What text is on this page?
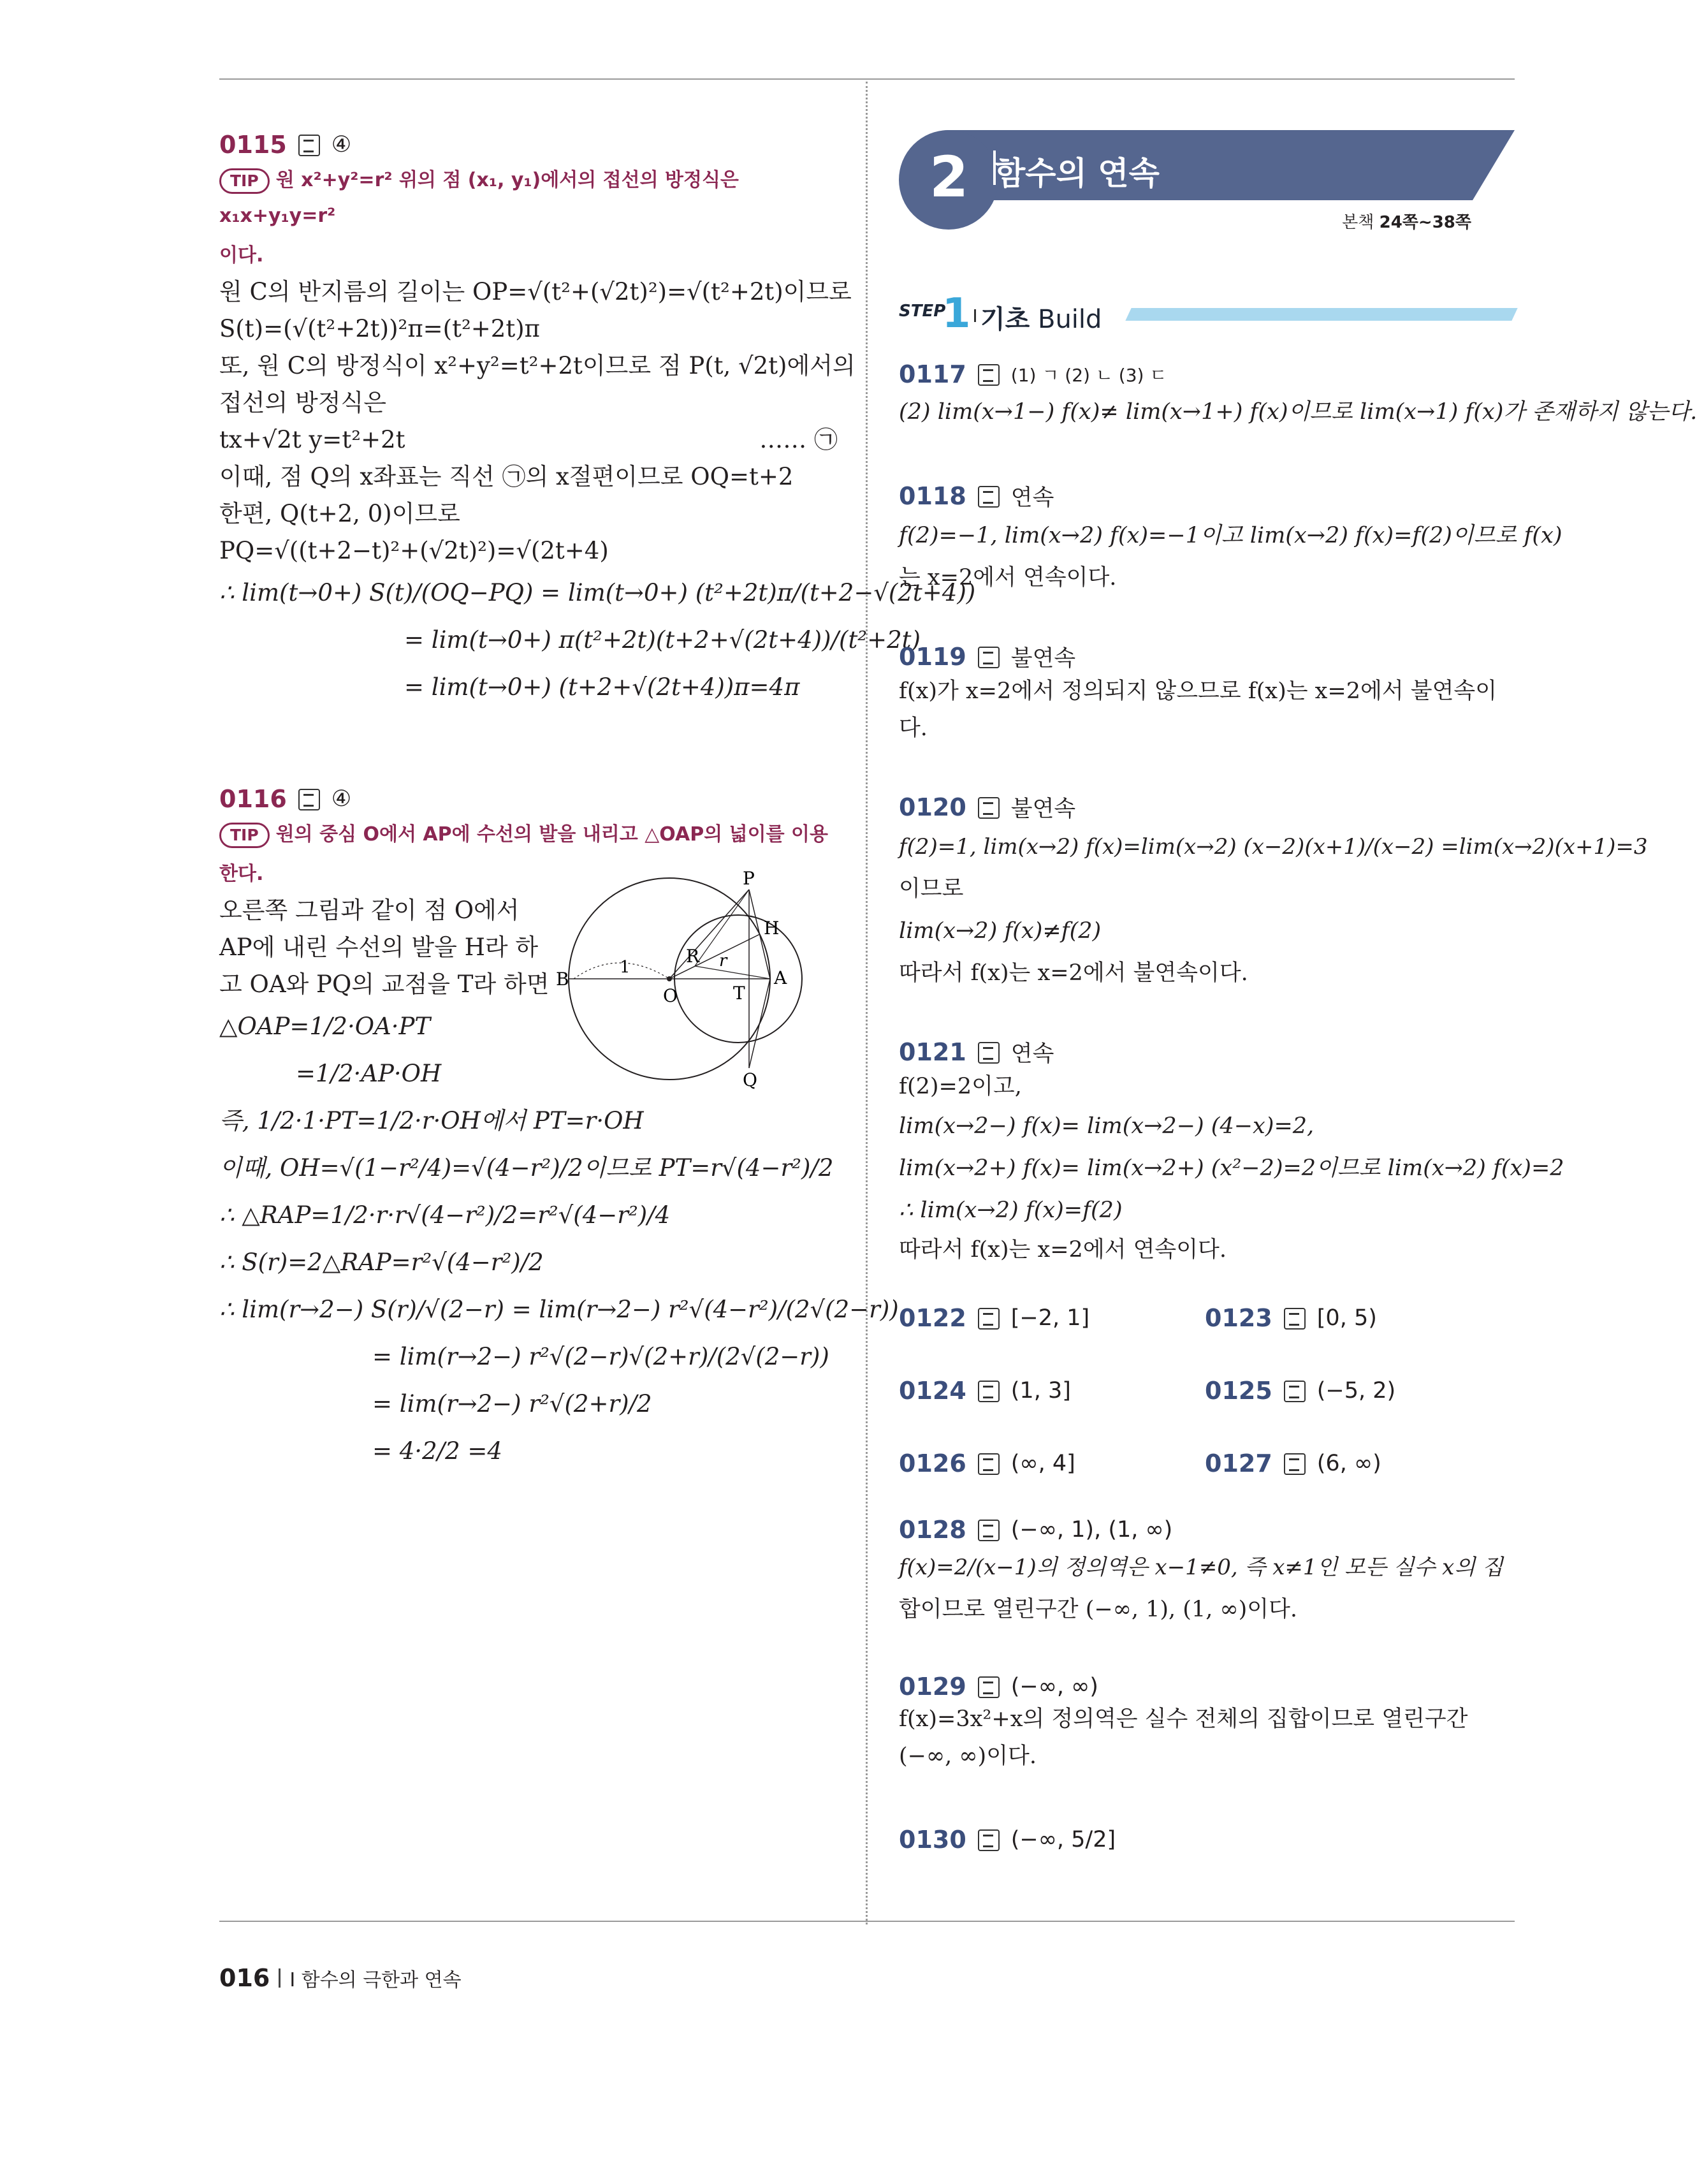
0115 ④
TIP 원 x²+y²=r² 위의 점 (x₁, y₁)에서의 접선의 방정식은 x₁x+y₁y=r²
이다.
원 C의 반지름의 길이는 OP=√(t²+(√2t)²)=√(t²+2t)이므로
S(t)=(√(t²+2t))²π=(t²+2t)π
또, 원 C의 방정식이 x²+y²=t²+2t이므로 점 P(t, √2t)에서의
접선의 방정식은
tx+√2t y=t²+2t	…… ㉠
이때, 점 Q의 x좌표는 직선 ㉠의 x절편이므로 OQ=t+2
한편, Q(t+2, 0)이므로
PQ=√((t+2−t)²+(√2t)²)=√(2t+4)
∴ lim(t→0+) S(t)/(OQ−PQ) = lim(t→0+) (t²+2t)π/(t+2−√(2t+4))
= lim(t→0+) π(t²+2t)(t+2+√(2t+4))/(t²+2t)
= lim(t→0+) (t+2+√(2t+4))π=4π
0116 ④
TIP 원의 중심 O에서 AP에 수선의 발을 내리고 △OAP의 넓이를 이용
한다.
오른쪽 그림과 같이 점 O에서
AP에 내린 수선의 발을 H라 하
고 OA와 PQ의 교점을 T라 하면
△OAP=1/2·OA·PT
=1/2·AP·OH
즉, 1/2·1·PT=1/2·r·OH에서 PT=r·OH
이때, OH=√(1−r²/4)=√(4−r²)/2이므로 PT=r√(4−r²)/2
∴ △RAP=1/2·r·r√(4−r²)/2=r²√(4−r²)/4
∴ S(r)=2△RAP=r²√(4−r²)/2
∴ lim(r→2−) S(r)/√(2−r) = lim(r→2−) r²√(4−r²)/(2√(2−r))
= lim(r→2−) r²√(2−r)√(2+r)/(2√(2−r))
= lim(r→2−) r²√(2+r)/2
= 4·2/2 =4
P
H
B
1
R r
O	T
A
Q
2 함수의 연속
본책 24쪽~38쪽
STEP
1 기초 Build
0117	(1) ㄱ (2) ㄴ (3) ㄷ
(2) lim(x→1−) f(x)≠ lim(x→1+) f(x)이므로 lim(x→1) f(x)가 존재하지 않는다.
0118 연속
f(2)=−1, lim(x→2) f(x)=−1이고 lim(x→2) f(x)=f(2)이므로 f(x)
는 x=2에서 연속이다.
0119 불연속
f(x)가 x=2에서 정의되지 않으므로 f(x)는 x=2에서 불연속이
다.
0120 불연속
f(2)=1, lim(x→2) f(x)=lim(x→2) (x−2)(x+1)/(x−2) =lim(x→2)(x+1)=3
이므로
lim(x→2) f(x)≠f(2)
따라서 f(x)는 x=2에서 불연속이다.
0121 연속
f(2)=2이고,
lim(x→2−) f(x)= lim(x→2−) (4−x)=2,
lim(x→2+) f(x)= lim(x→2+) (x²−2)=2이므로 lim(x→2) f(x)=2
∴ lim(x→2) f(x)=f(2)
따라서 f(x)는 x=2에서 연속이다.
0122 [−2, 1]	0123 [0, 5)
0124 (1, 3]	0125 (−5, 2)
0126 (∞, 4]	0127 (6, ∞)
0128 (−∞, 1), (1, ∞)
f(x)=2/(x−1)의 정의역은 x−1≠0, 즉 x≠1인 모든 실수 x의 집
합이므로 열린구간 (−∞, 1), (1, ∞)이다.
0129 (−∞, ∞)
f(x)=3x²+x의 정의역은 실수 전체의 집합이므로 열린구간
(−∞, ∞)이다.
0130 (−∞, 5/2]
016 I 함수의 극한과 연속
